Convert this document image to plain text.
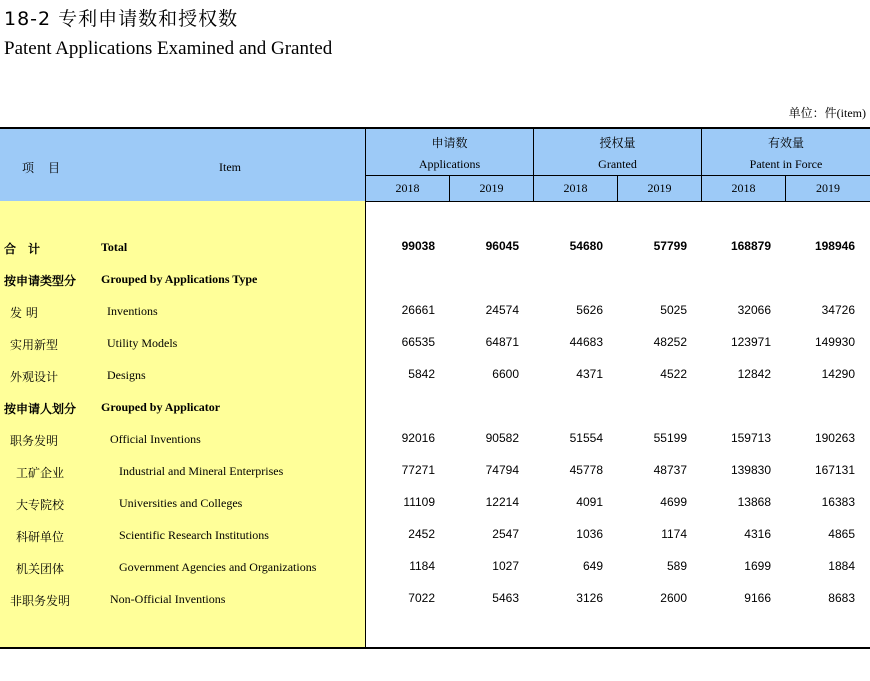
18-2 专利申请数和授权数
Patent Applications Examined and Granted
单位：件(item)
项　目	Item
申请数
Applications
授权量
Granted
有效量
Patent in Force
2018	2019	2018	2019	2018	2019
合　计	Total	99038	96045	54680	57799	168879	198946
按申请类型分 Grouped by Applications Type
发 明	Inventions	26661	24574	5626	5025	32066	34726
实用新型	Utility Models	66535	64871	44683	48252	123971	149930
外观设计	Designs	5842	6600	4371	4522	12842	14290
按申请人划分 Grouped by Applicator
职务发明	Official Inventions	92016	90582	51554	55199	159713	190263
工矿企业	Industrial and Mineral Enterprises	77271	74794	45778	48737	139830	167131
大专院校	Universities and Colleges	11109	12214	4091	4699	13868	16383
科研单位	Scientific Research Institutions	2452	2547	1036	1174	4316	4865
机关团体	Government Agencies and Organizations	1184	1027	649	589	1699	1884
非职务发明	Non-Official Inventions	7022	5463	3126	2600	9166	8683
